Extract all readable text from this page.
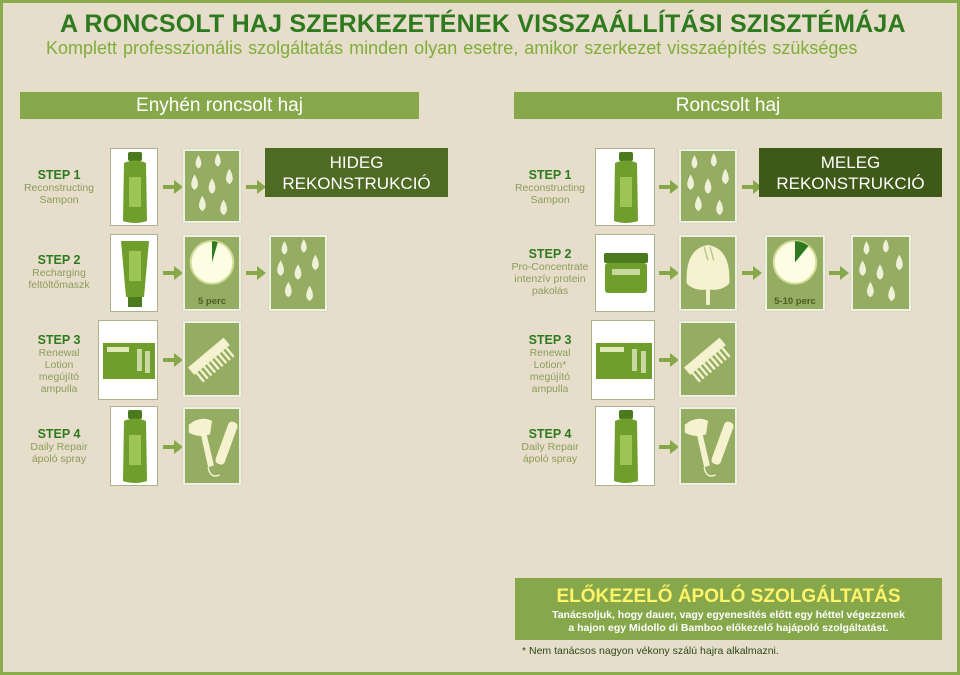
A RONCSOLT HAJ SZERKEZETÉNEK VISSZAÁLLÍTÁSI SZISZTÉMÁJA
Komplett professzionális szolgáltatás minden olyan esetre, amikor szerkezet visszaépítés szükséges
Enyhén roncsolt haj	Roncsolt haj
STEP 1
Reconstructing
Sampon
HIDEG
REKONSTRUKCIÓ
STEP 2
Recharging
feltöltőmaszk
5 perc
STEP 3
Renewal
Lotion
megújító
ampulla
STEP 4
Daily Repair
ápoló spray
STEP 1
Reconstructing
Sampon
MELEG
REKONSTRUKCIÓ
STEP 2
Pro-Concentrate
intenzív protein
pakolás
5-10 perc
STEP 3
Renewal
Lotion*
megújító
ampulla
STEP 4
Daily Repair
ápoló spray
ELŐKEZELŐ ÁPOLÓ SZOLGÁLTATÁS
Tanácsoljuk, hogy dauer, vagy egyenesítés előtt egy héttel végezzenek
a hajon egy Midollo di Bamboo előkezelő hajápoló szolgáltatást.
* Nem tanácsos nagyon vékony szálú hajra alkalmazni.
